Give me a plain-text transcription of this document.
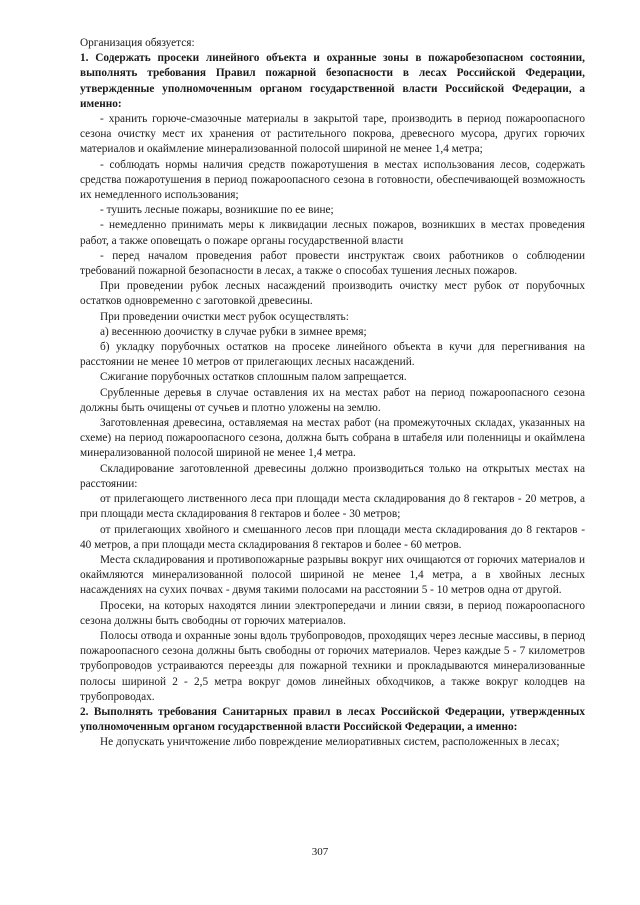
Организация обязуется:

1. Содержать просеки линейного объекта и охранные зоны в пожаробезопасном состоянии, выполнять требования Правил пожарной безопасности в лесах Российской Федерации, утвержденные уполномоченным органом государственной власти Российской Федерации, а именно:

- хранить горюче-смазочные материалы в закрытой таре, производить в период пожароопасного сезона очистку мест их хранения от растительного покрова, древесного мусора, других горючих материалов и окаймление минерализованной полосой шириной не менее 1,4 метра;

- соблюдать нормы наличия средств пожаротушения в местах использования лесов, содержать средства пожаротушения в период пожароопасного сезона в готовности, обеспечивающей возможность их немедленного использования;

- тушить лесные пожары, возникшие по ее вине;

- немедленно принимать меры к ликвидации лесных пожаров, возникших в местах проведения работ, а также оповещать о пожаре органы государственной власти

- перед началом проведения работ провести инструктаж своих работников о соблюдении требований пожарной безопасности в лесах, а также о способах тушения лесных пожаров.

При проведении рубок лесных насаждений производить очистку мест рубок от порубочных остатков одновременно с заготовкой древесины.

При проведении очистки мест рубок осуществлять:

а) весеннюю доочистку в случае рубки в зимнее время;

б) укладку порубочных остатков на просеке линейного объекта в кучи для перегнивания на расстоянии не менее 10 метров от прилегающих лесных насаждений.

Сжигание порубочных остатков сплошным палом запрещается.

Срубленные деревья в случае оставления их на местах работ на период пожароопасного сезона должны быть очищены от сучьев и плотно уложены на землю.

Заготовленная древесина, оставляемая на местах работ (на промежуточных складах, указанных на схеме) на период пожароопасного сезона, должна быть собрана в штабеля или поленницы и окаймлена минерализованной полосой шириной не менее 1,4 метра.

Складирование заготовленной древесины должно производиться только на открытых местах на расстоянии:

от прилегающего лиственного леса при площади места складирования до 8 гектаров - 20 метров, а при площади места складирования 8 гектаров и более - 30 метров;

от прилегающих хвойного и смешанного лесов при площади места складирования до 8 гектаров - 40 метров, а при площади места складирования 8 гектаров и более - 60 метров.

Места складирования и противопожарные разрывы вокруг них очищаются от горючих материалов и окаймляются минерализованной полосой шириной не менее 1,4 метра, а в хвойных лесных насаждениях на сухих почвах - двумя такими полосами на расстоянии 5 - 10 метров одна от другой.

Просеки, на которых находятся линии электропередачи и линии связи, в период пожароопасного сезона должны быть свободны от горючих материалов.

Полосы отвода и охранные зоны вдоль трубопроводов, проходящих через лесные массивы, в период пожароопасного сезона должны быть свободны от горючих материалов. Через каждые 5 - 7 километров трубопроводов устраиваются переезды для пожарной техники и прокладываются минерализованные полосы шириной 2 - 2,5 метра вокруг домов линейных обходчиков, а также вокруг колодцев на трубопроводах.

2. Выполнять требования Санитарных правил в лесах Российской Федерации, утвержденных уполномоченным органом государственной власти Российской Федерации, а именно:

Не допускать уничтожение либо повреждение мелиоративных систем, расположенных в лесах;

307
